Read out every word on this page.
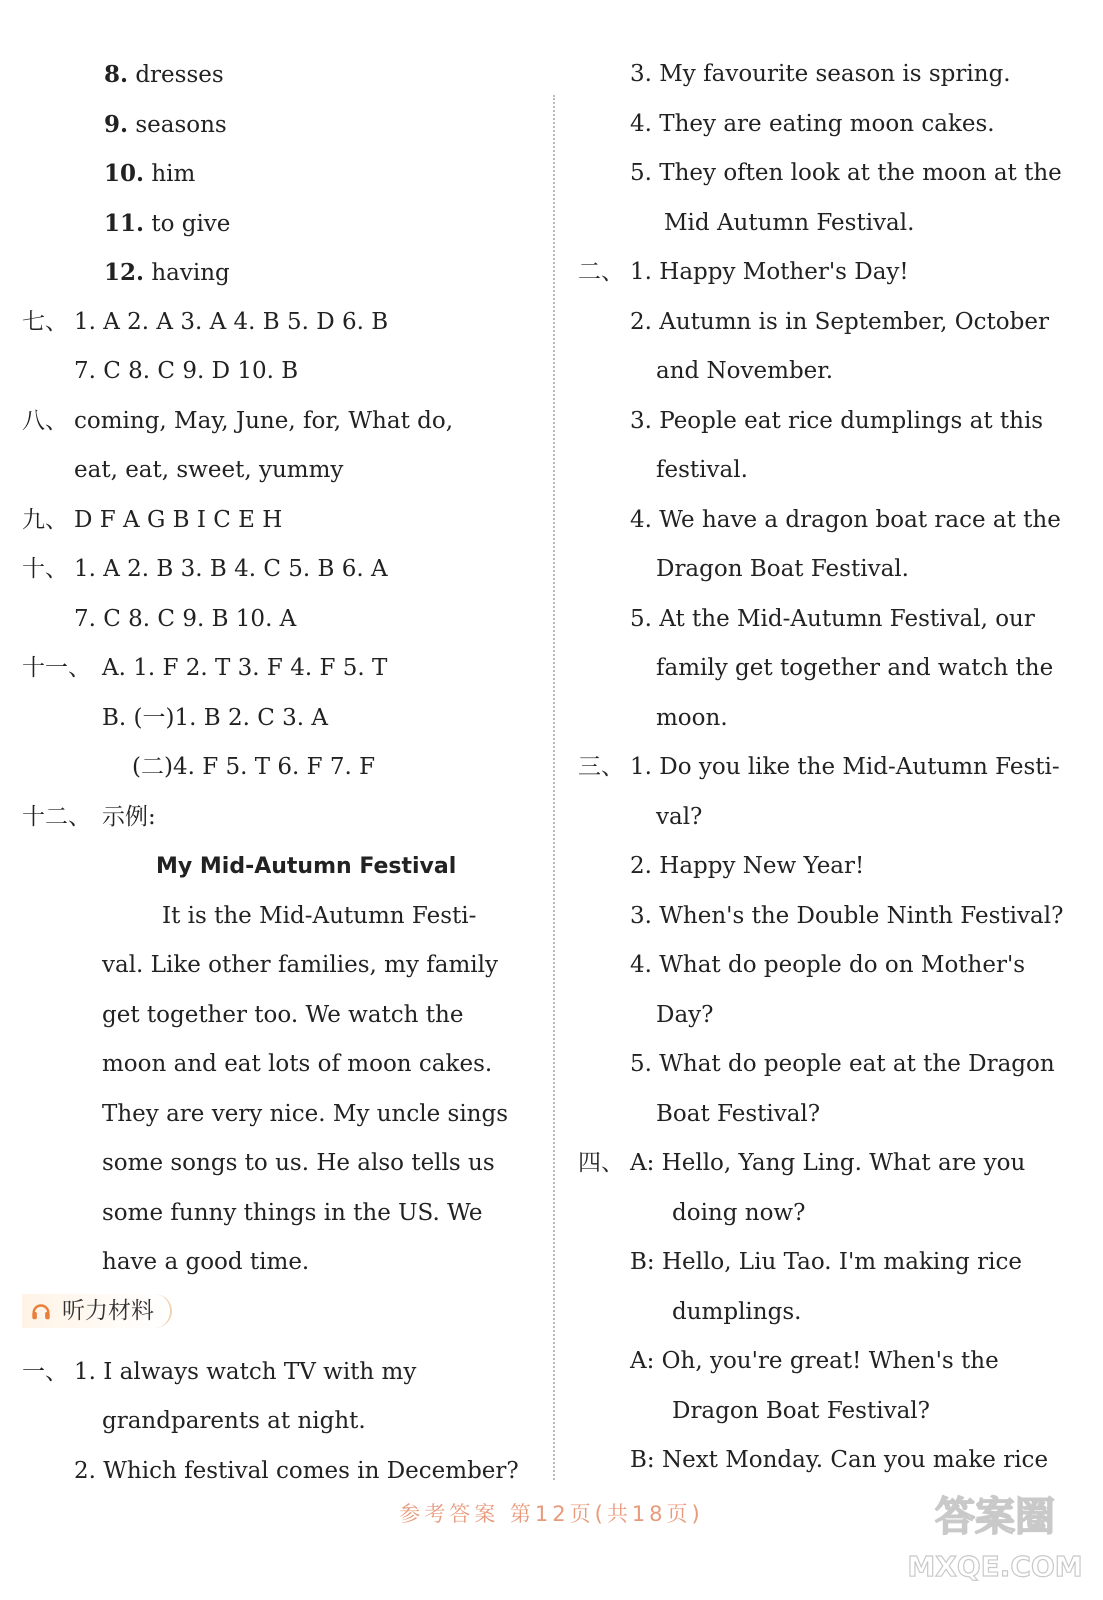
8. dresses
9. seasons
10. him
11. to give
12. having
七、 1. A 2. A 3. A 4. B 5. D 6. B
7. C 8. C 9. D 10. B
八、 coming, May, June, for, What do,
eat, eat, sweet, yummy
九、 D F A G B I C E H
十、 1. A 2. B 3. B 4. C 5. B 6. A
7. C 8. C 9. B 10. A
十一、 A. 1. F 2. T 3. F 4. F 5. T
B. (一)1. B 2. C 3. A
(二)4. F 5. T 6. F 7. F
十二、 示例:
My Mid-Autumn Festival
It is the Mid-Autumn Festi-
val. Like other families, my family
get together too. We watch the
moon and eat lots of moon cakes.
They are very nice. My uncle sings
some songs to us. He also tells us
some funny things in the US. We
have a good time.
听力材料
一、 1. I always watch TV with my
grandparents at night.
2. Which festival comes in December?
3. My favourite season is spring.
4. They are eating moon cakes.
5. They often look at the moon at the
Mid Autumn Festival.
二、 1. Happy Mother's Day!
2. Autumn is in September, October
and November.
3. People eat rice dumplings at this
festival.
4. We have a dragon boat race at the
Dragon Boat Festival.
5. At the Mid-Autumn Festival, our
family get together and watch the
moon.
三、 1. Do you like the Mid-Autumn Festi-
val?
2. Happy New Year!
3. When's the Double Ninth Festival?
4. What do people do on Mother's
Day?
5. What do people eat at the Dragon
Boat Festival?
四、 A: Hello, Yang Ling. What are you
doing now?
B: Hello, Liu Tao. I'm making rice
dumplings.
A: Oh, you're great! When's the
Dragon Boat Festival?
B: Next Monday. Can you make rice
参考答案 第12页(共18页)	答案圈
MXQE.COM
